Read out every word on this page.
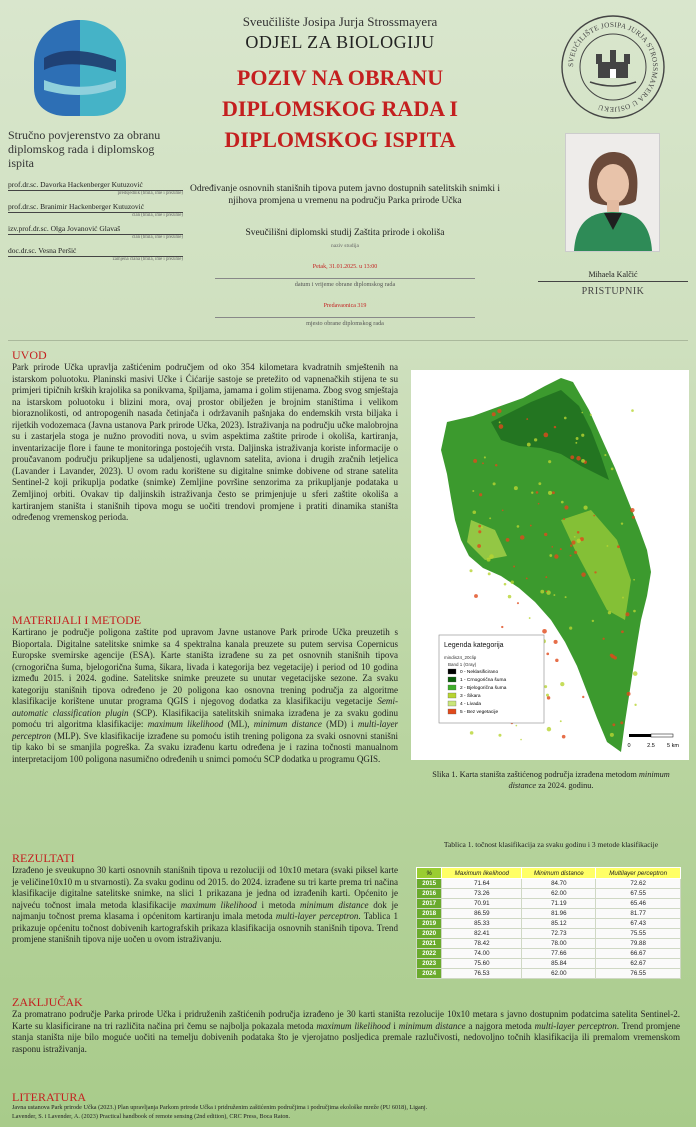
Stručno povjerenstvo za obranu diplomskog rada i diplomskog ispita
prof.dr.sc. Davorka Hackenberger Kutuzović
predsjednik (titula, ime i prezime)
prof.dr.sc. Branimir Hackenberger Kutuzović
član (titula, ime i prezime)
izv.prof.dr.sc. Olga Jovanović Glavaš
član (titula, ime i prezime)
doc.dr.sc. Vesna Peršić
zamjena člana (titula, ime i prezime)
Sveučilište Josipa Jurja Strossmayera
ODJEL ZA BIOLOGIJU
POZIV NA OBRANU
DIPLOMSKOG RADA I
DIPLOMSKOG ISPITA
SVEUČILIŠTE JOSIPA JURJA STROSSMAYERA U OSIJEKU
Određivanje osnovnih stanišnih tipova putem javno dostupnih satelitskih snimki i njihova promjena u vremenu na području Parka prirode Učka
Sveučilišni diplomski studij Zaštita prirode i okoliša
naziv studija
Petak, 31.01.2025. u 13:00
datum i vrijeme obrane diplomskog rada
Predavaonica 319
mjesto obrane diplomskog rada
Mihaela Kalčić
PRISTUPNIK
UVOD
Park prirode Učka upravlja zaštićenim područjem od oko 354 kilometara kvadratnih smještenih na istarskom poluotoku. Planinski masivi Učke i Ćićarije sastoje se pretežito od vapnenačkih stijena te su primjeri tipičnih krških krajolika sa ponikvama, špiljama, jamama i golim stijenama. Zbog svog smještaja na istarskom poluotoku i blizini mora, ovaj prostor obilježen je brojnim staništima i velikom bioraznolikosti, od antropogenih nasada četinjača i održavanih pašnjaka do endemskih vrsta biljaka i rijetkih vodozemaca (Javna ustanova Park prirode Učka, 2023). Istraživanja na području učke malobrojna su i zastarjela stoga je nužno provoditi nova, u svim aspektima zaštite prirode i okoliša, kartiranja, inventarizacije flore i faune te monitoringa postojećih vrsta. Daljinska istraživanja koriste informacije o proučavanom području prikupljene sa udaljenosti, uglavnom satelita, aviona i drugih zračnih letjelica (Lavander i Lavander, 2023). U ovom radu korištene su digitalne snimke dobivene od strane satelita Sentinel-2 koji prikuplja podatke (snimke) Zemljine površine senzorima za prikupljanje podataka u Zemljinoj orbiti. Ovakav tip daljinskih istraživanja često se primjenjuje u sferi zaštite okoliša a kartiranjem staništa i stanišnih tipova mogu se uočiti trendovi promjene i pratiti dinamika staništa određenog vremenskog perioda.
MATERIJALI I METODE
Kartirano je područje poligona zaštite pod upravom Javne ustanove Park prirode Učka preuzetih s Bioportala. Digitalne satelitske snimke sa 4 spektralna kanala preuzete su putem servisa Copernicus Europske svemirske agencije (ESA). Karte staništa izrađene su za pet osnovnih stanišnih tipova (crnogorična šuma, bjelogorična šuma, šikara, livada i kategorija bez vegetacije) i period od 10 godina između 2015. i 2024. godine. Satelitske snimke preuzete su unutar vegetacijske sezone. Za svaku kategoriju stanišnih tipova određeno je 20 poligona kao osnovna trening područja za algoritme klasifikacije korištene unutar programa QGIS i njegovog dodatka za klasifikaciju vegetacije Semi-automatic classification plugin (SCP). Klasifikacija satelitskih snimaka izrađena je za svaku godinu pomoću tri algoritma klasifikacije: maximum likelihood (ML), minimum distance (MD) i multi-layer perceptron (MLP). Sve klasifikacije izrađene su pomoću istih trening poligona za svaki osnovni stanišni tip kako bi se smanjila pogreška. Za svaku izrađenu kartu određena je i razina točnosti manualnom interpretacijom 100 poligona nasumično određenih u snimci pomoću SCP dodatka u programu QGIS.
REZULTATI
Izrađeno je sveukupno 30 karti osnovnih stanišnih tipova u rezoluciji od 10x10 metara (svaki piksel karte je veličine10x10 m u stvarnosti). Za svaku godinu od 2015. do 2024. izrađene su tri karte prema tri načina klasifikacije digitalne satelitske snimke, na slici 1 prikazana je jedna od izrađenih karti. Općenito je najveću točnost imala metoda klasifikacije maximum likelihood i metoda minimum distance dok je najmanju točnost prema klasama i općenitom kartiranju imala metoda multi-layer perceptron. Tablica 1 prikazuje općenitu točnost dobivenih kartografskih prikaza klasifikacija osnovnih stanišnih tipova. Trend promjene stanišnih tipova nije uočen u ovom istraživanju.
ZAKLJUČAK
Za promatrano područje Parka prirode Učka i pridruženih zaštićenih područja izrađeno je 30 karti staništa rezolucije 10x10 metara s javno dostupnim podatcima satelita Sentinel-2. Karte su klasificirane na tri različita načina pri čemu se najbolja pokazala metoda maximum likelihood i minimum distance a najgora metoda multi-layer perceptron. Trend promjene stanja staništa nije bilo moguće uočiti na temelju dobivenih podataka što je vjerojatno posljedica premale razlučivosti, nedovoljno točnih klasifikacija ili premalom vremenskom rasponu istraživanja.
LITERATURA
Javna ustanova Park prirode Učka (2023.) Plan upravljanja Parkom prirode Učka i pridruženim zaštićenim područjima i područjima ekološke mreže (PU 6018), Liganj.
Lavender, S. i Lavender, A. (2023) Practical handbook of remote sensing (2nd edition), CRC Press, Boca Raton.
Legenda kategorija
mindis24_20clip
Band 1 (Gray)
0 - Neklasificirano
1 - Crnogorična šuma
2 - Bjelogorična šuma
3 - Šikara
4 - Livada
5 - Bez vegetacije
0	2.5 5 km
Slika 1. Karta staništa zaštićenog područja izrađena metodom minimum distance za 2024. godinu.
Tablica 1. točnost klasifikacija za svaku godinu i 3 metode klasifikacije
%	Maximum likelihood	Minimum distance	Multilayer perceptron
2015	71.64	84.70	72.62
2016	73.26	62.00	67.55
2017	70.91	71.19	65.46
2018	86.59	81.96	81.77
2019	85.33	85.12	67.43
2020	82.41	72.73	75.55
2021	78.42	78.00	79.88
2022	74.00	77.66	66.67
2023	75.60	85.84	62.67
2024	76.53	62.00	76.55
